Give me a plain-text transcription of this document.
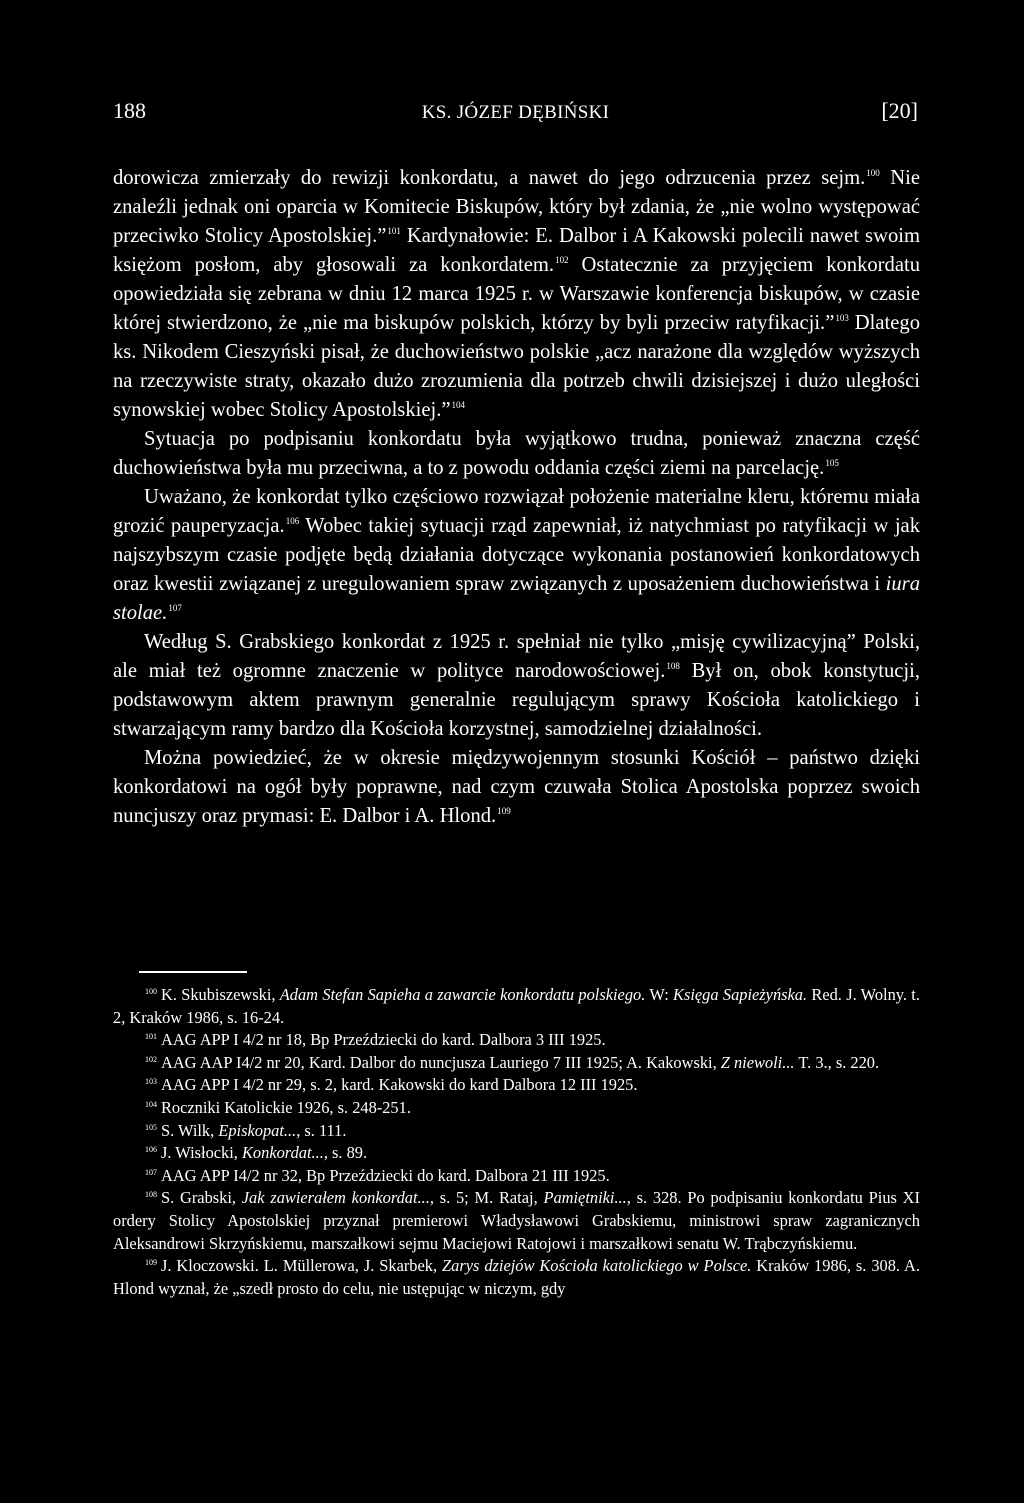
188	KS. JÓZEF DĘBIŃSKI	[20]

dorowicza zmierzały do rewizji konkordatu, a nawet do jego odrzucenia przez sejm.$^{100}$ Nie znaleźli jednak oni oparcia w Komitecie Biskupów, który był zdania, że „nie wolno występować przeciwko Stolicy Apostolskiej.”$^{101}$ Kardynałowie: E. Dalbor i A Kakowski polecili nawet swoim księżom posłom, aby głosowali za konkordatem.$^{102}$ Ostatecznie za przyjęciem konkordatu opowiedziała się zebrana w dniu 12 marca 1925 r. w Warszawie konferencja biskupów, w czasie której stwierdzono, że „nie ma biskupów polskich, którzy by byli przeciw ratyfikacji.”$^{103}$ Dlatego ks. Nikodem Cieszyński pisał, że duchowieństwo polskie „acz narażone dla względów wyższych na rzeczywiste straty, okazało dużo zrozumienia dla potrzeb chwili dzisiejszej i dużo uległości synowskiej wobec Stolicy Apostolskiej.”$^{104}$

Sytuacja po podpisaniu konkordatu była wyjątkowo trudna, ponieważ znaczna część duchowieństwa była mu przeciwna, a to z powodu oddania części ziemi na parcelację.$^{105}$

Uważano, że konkordat tylko częściowo rozwiązał położenie materialne kleru, któremu miała grozić pauperyzacja.$^{106}$ Wobec takiej sytuacji rząd zapewniał, iż natychmiast po ratyfikacji w jak najszybszym czasie podjęte będą działania dotyczące wykonania postanowień konkordatowych oraz kwestii związanej z uregulowaniem spraw związanych z uposażeniem duchowieństwa i iura stolae.$^{107}$

Według S. Grabskiego konkordat z 1925 r. spełniał nie tylko „misję cywilizacyjną” Polski, ale miał też ogromne znaczenie w polityce narodowościowej.$^{108}$ Był on, obok konstytucji, podstawowym aktem prawnym generalnie regulującym sprawy Kościoła katolickiego i stwarzającym ramy bardzo dla Kościoła korzystnej, samodzielnej działalności.

Można powiedzieć, że w okresie międzywojennym stosunki Kościół – państwo dzięki konkordatowi na ogół były poprawne, nad czym czuwała Stolica Apostolska poprzez swoich nuncjuszy oraz prymasi: E. Dalbor i A. Hlond.$^{109}$

$^{100}$ K. Skubiszewski, Adam Stefan Sapieha a zawarcie konkordatu polskiego. W: Księga Sapieżyńska. Red. J. Wolny. t. 2, Kraków 1986, s. 16-24.

$^{101}$ AAG APP I 4/2 nr 18, Bp Przeździecki do kard. Dalbora 3 III 1925.

$^{102}$ AAG AAP I4/2 nr 20, Kard. Dalbor do nuncjusza Lauriego 7 III 1925; A. Kakowski, Z niewoli... T. 3., s. 220.

$^{103}$ AAG APP I 4/2 nr 29, s. 2, kard. Kakowski do kard Dalbora 12 III 1925.

$^{104}$ Roczniki Katolickie 1926, s. 248-251.

$^{105}$ S. Wilk, Episkopat..., s. 111.

$^{106}$ J. Wisłocki, Konkordat..., s. 89.

$^{107}$ AAG APP I4/2 nr 32, Bp Przeździecki do kard. Dalbora 21 III 1925.

$^{108}$ S. Grabski, Jak zawierałem konkordat..., s. 5; M. Rataj, Pamiętniki..., s. 328. Po podpisaniu konkordatu Pius XI ordery Stolicy Apostolskiej przyznał premierowi Władysławowi Grabskiemu, ministrowi spraw zagranicznych Aleksandrowi Skrzyńskiemu, marszałkowi sejmu Maciejowi Ratojowi i marszałkowi senatu W. Trąbczyńskiemu.

$^{109}$ J. Kloczowski. L. Müllerowa, J. Skarbek, Zarys dziejów Kościoła katolickiego w Polsce. Kraków 1986, s. 308. A. Hlond wyznał, że „szedł prosto do celu, nie ustępując w niczym, gdy
